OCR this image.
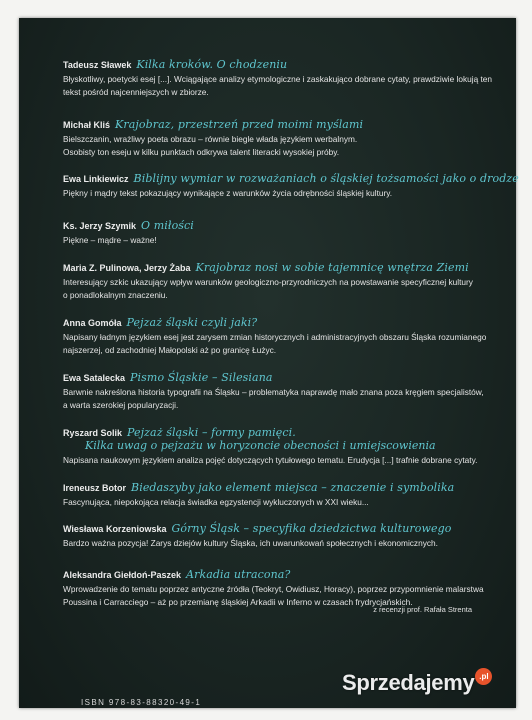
Tadeusz Sławek Kilka kroków. O chodzeniu
Błyskotliwy, poetycki esej [...]. Wciągające analizy etymologiczne i zaskakująco dobrane cytaty, prawdziwie lokują ten
tekst pośród najcenniejszych w zbiorze.
Michał Kliś Krajobraz, przestrzeń przed moimi myślami
Bielszczanin, wrażliwy poeta obrazu – równie biegle włada językiem werbalnym.
Osobisty ton eseju w kilku punktach odkrywa talent literacki wysokiej próby.
Ewa Linkiewicz Biblijny wymiar w rozważaniach o śląskiej tożsamości jako o drodze
Piękny i mądry tekst pokazujący wynikające z warunków życia odrębności śląskiej kultury.
Ks. Jerzy Szymik O miłości
Piękne – mądre – ważne!
Maria Z. Pulinowa, Jerzy Żaba Krajobraz nosi w sobie tajemnicę wnętrza Ziemi
Interesujący szkic ukazujący wpływ warunków geologiczno-przyrodniczych na powstawanie specyficznej kultury
o ponadlokalnym znaczeniu.
Anna Gomóła Pejzaż śląski czyli jaki?
Napisany ładnym językiem esej jest zarysem zmian historycznych i administracyjnych obszaru Śląska rozumianego
najszerzej, od zachodniej Małopolski aż po granicę Łużyc.
Ewa Satalecka Pismo Śląskie – Silesiana
Barwnie nakreślona historia typografii na Śląsku – problematyka naprawdę mało znana poza kręgiem specjalistów,
a warta szerokiej popularyzacji.
Ryszard Solik Pejzaż śląski – formy pamięci.
Kilka uwag o pejzażu w horyzoncie obecności i umiejscowienia
Napisana naukowym językiem analiza pojęć dotyczących tytułowego tematu. Erudycja [...] trafnie dobrane cytaty.
Ireneusz Botor Biedaszyby jako element miejsca – znaczenie i symbolika
Fascynująca, niepokojąca relacja świadka egzystencji wykluczonych w XXI wieku...
Wiesława Korzeniowska Górny Śląsk – specyfika dziedzictwa kulturowego
Bardzo ważna pozycja! Zarys dziejów kultury Śląska, ich uwarunkowań społecznych i ekonomicznych.
Aleksandra Giełdoń-Paszek Arkadia utracona?
Wprowadzenie do tematu poprzez antyczne źródła (Teokryt, Owidiusz, Horacy), poprzez przypomnienie malarstwa
Poussina i Carracciego – aż po przemianę śląskiej Arkadii w Inferno w czasach frydrycjańskich.
z recenzji prof. Rafała Strenta
ISBN 978-83-88320-49-1
Sprzedajemy .pl
